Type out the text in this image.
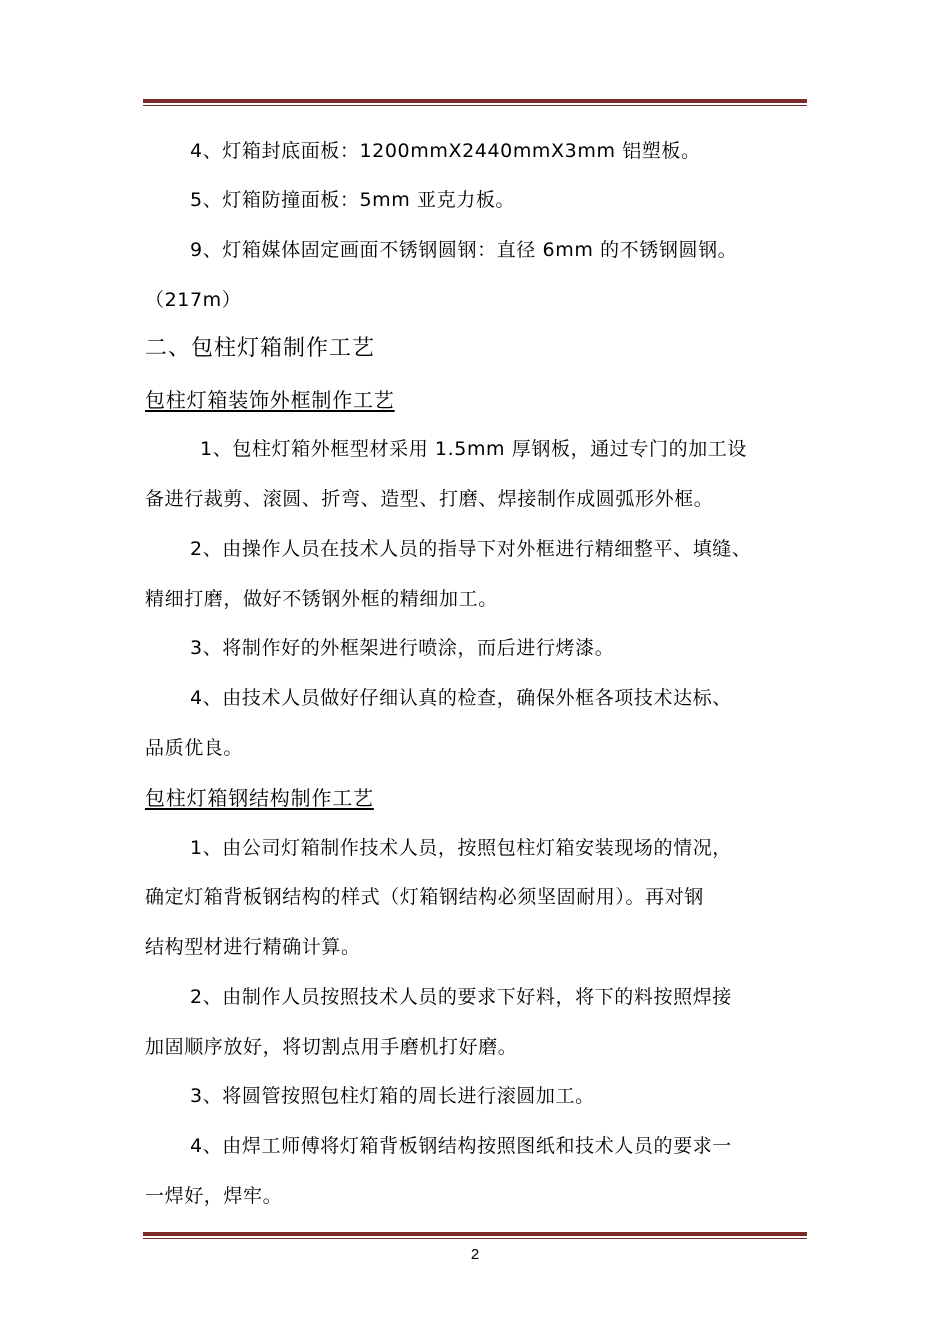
4、灯箱封底面板：1200mmX2440mmX3mm 铝塑板。
5、灯箱防撞面板：5mm 亚克力板。
9、灯箱媒体固定画面不锈钢圆钢：直径 6mm 的不锈钢圆钢。
（217m）
二、包柱灯箱制作工艺
包柱灯箱装饰外框制作工艺
1、包柱灯箱外框型材采用 1.5mm 厚钢板，通过专门的加工设
备进行裁剪、滚圆、折弯、造型、打磨、焊接制作成圆弧形外框。
2、由操作人员在技术人员的指导下对外框进行精细整平、填缝、
精细打磨，做好不锈钢外框的精细加工。
3、将制作好的外框架进行喷涂，而后进行烤漆。
4、由技术人员做好仔细认真的检查，确保外框各项技术达标、
品质优良。
包柱灯箱钢结构制作工艺
1、由公司灯箱制作技术人员，按照包柱灯箱安装现场的情况，
确定灯箱背板钢结构的样式（灯箱钢结构必须坚固耐用）。再对钢
结构型材进行精确计算。
2、由制作人员按照技术人员的要求下好料，将下的料按照焊接
加固顺序放好，将切割点用手磨机打好磨。
3、将圆管按照包柱灯箱的周长进行滚圆加工。
4、由焊工师傅将灯箱背板钢结构按照图纸和技术人员的要求一
一焊好，焊牢。
2
